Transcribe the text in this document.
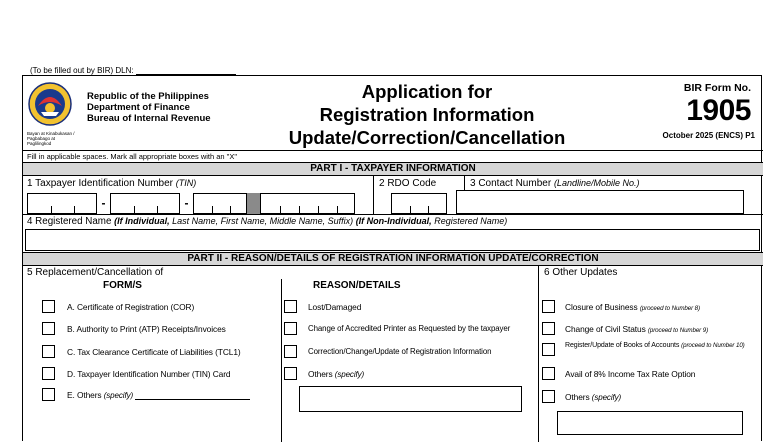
(To be filled out by BIR) DLN:
Bayan at Kinabukasan / Pagbabago at Paglilingkod
Republic of the Philippines
Department of Finance
Bureau of Internal Revenue
Application for
Registration Information
Update/Correction/Cancellation
BIR Form No.
1905
October 2025 (ENCS) P1
Fill in applicable spaces. Mark all appropriate boxes with an "X"
PART I - TAXPAYER INFORMATION
1 Taxpayer Identification Number (TIN)	2 RDO Code	3 Contact Number (Landline/Mobile No.)
-	-
4 Registered Name (If Individual, Last Name, First Name, Middle Name, Suffix) (If Non-Individual, Registered Name)
PART II - REASON/DETAILS OF REGISTRATION INFORMATION UPDATE/CORRECTION
5 Replacement/Cancellation of
FORM/S	REASON/DETAILS
6 Other Updates
A. Certificate of Registration (COR)
B. Authority to Print (ATP) Receipts/Invoices
C. Tax Clearance Certificate of Liabilities (TCL1)
D. Taxpayer Identification Number (TIN) Card
E. Others (specify)
Lost/Damaged
Change of Accredited Printer as Requested by the taxpayer
Correction/Change/Update of Registration Information
Others (specify)
Closure of Business (proceed to Number 8)
Change of Civil Status (proceed to Number 9)
Register/Update of Books of Accounts (proceed to Number 10)
Avail of 8% Income Tax Rate Option
Others (specify)
